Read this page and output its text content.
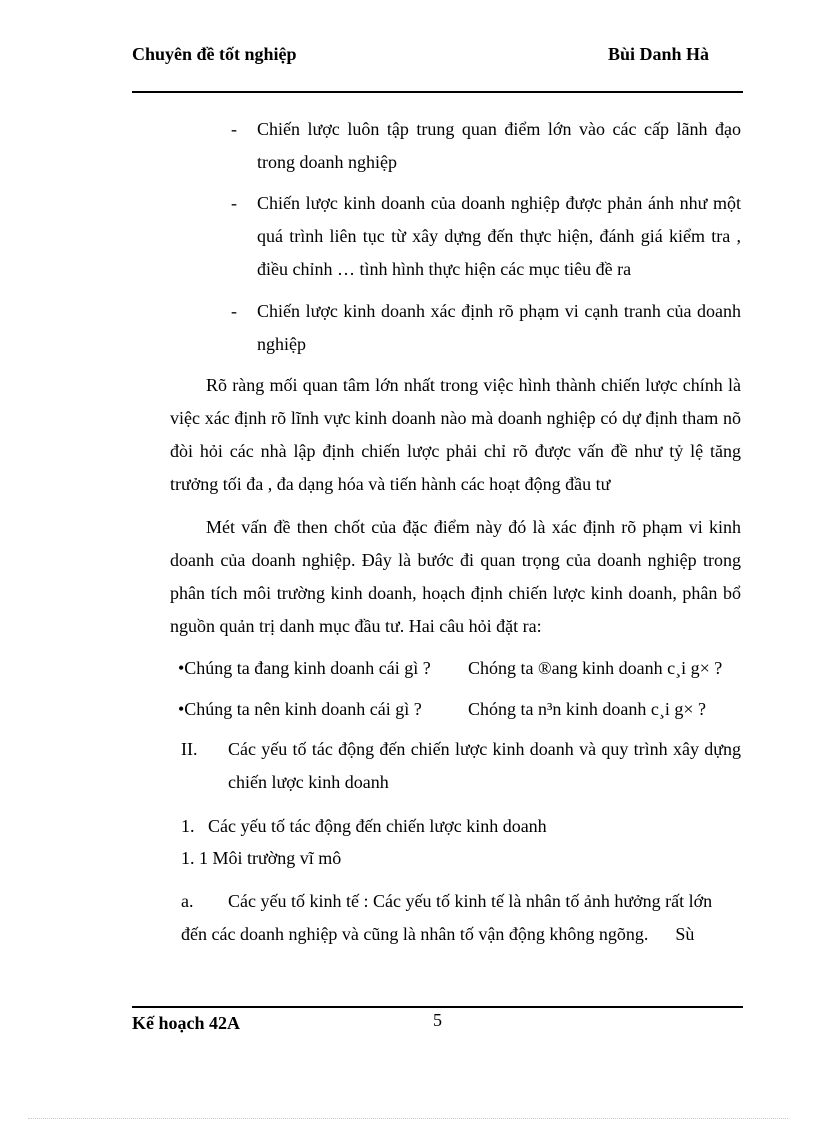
Chuyên đề tốt nghiệp	Bùi Danh Hà
- Chiến lược luôn tập trung quan điểm lớn vào các cấp lãnh đạo trong doanh nghiệp
- Chiến lược kinh doanh của doanh nghiệp được phản ánh như một quá trình liên tục từ xây dựng đến thực hiện, đánh giá kiểm tra , điều chỉnh … tình hình thực hiện các mục tiêu đề ra
- Chiến lược kinh doanh xác định rõ phạm vi cạnh tranh của doanh nghiệp
Rõ ràng mối quan tâm lớn nhất trong việc hình thành chiến lược chính là việc xác định rõ lĩnh vực kinh doanh nào mà doanh nghiệp có dự định tham nõ đòi hỏi các nhà lập định chiến lược phải chỉ rõ được vấn đề như tỷ lệ tăng trưởng tối đa , đa dạng hóa và tiến hành các hoạt động đầu tư
Mét vấn đề then chốt của đặc điểm này đó là xác định rõ phạm vi kinh doanh của doanh nghiệp. Đây là bước đi quan trọng của doanh nghiệp trong phân tích môi trường kinh doanh, hoạch định chiến lược kinh doanh, phân bổ nguồn quản trị danh mục đầu tư. Hai câu hỏi đặt ra:
•Chúng ta đang kinh doanh cái gì ? Chóng ta ®ang kinh doanh c¸i g× ?
•Chúng ta nên kinh doanh cái gì ?	Chóng ta n³n kinh doanh c¸i g× ?
II. Các yếu tố tác động đến chiến lược kinh doanh và quy trình xây dựng chiến lược kinh doanh
1.   Các yếu tố tác động đến chiến lược kinh doanh
1. 1 Môi trường vĩ mô
a. Các yếu tố kinh tế : Các yếu tố kinh tế là nhân tố ảnh hưởng rất lớn
đến các doanh nghiệp và cũng là nhân tố vận động không ngõng.      Sù
Kế hoạch 42A	5
